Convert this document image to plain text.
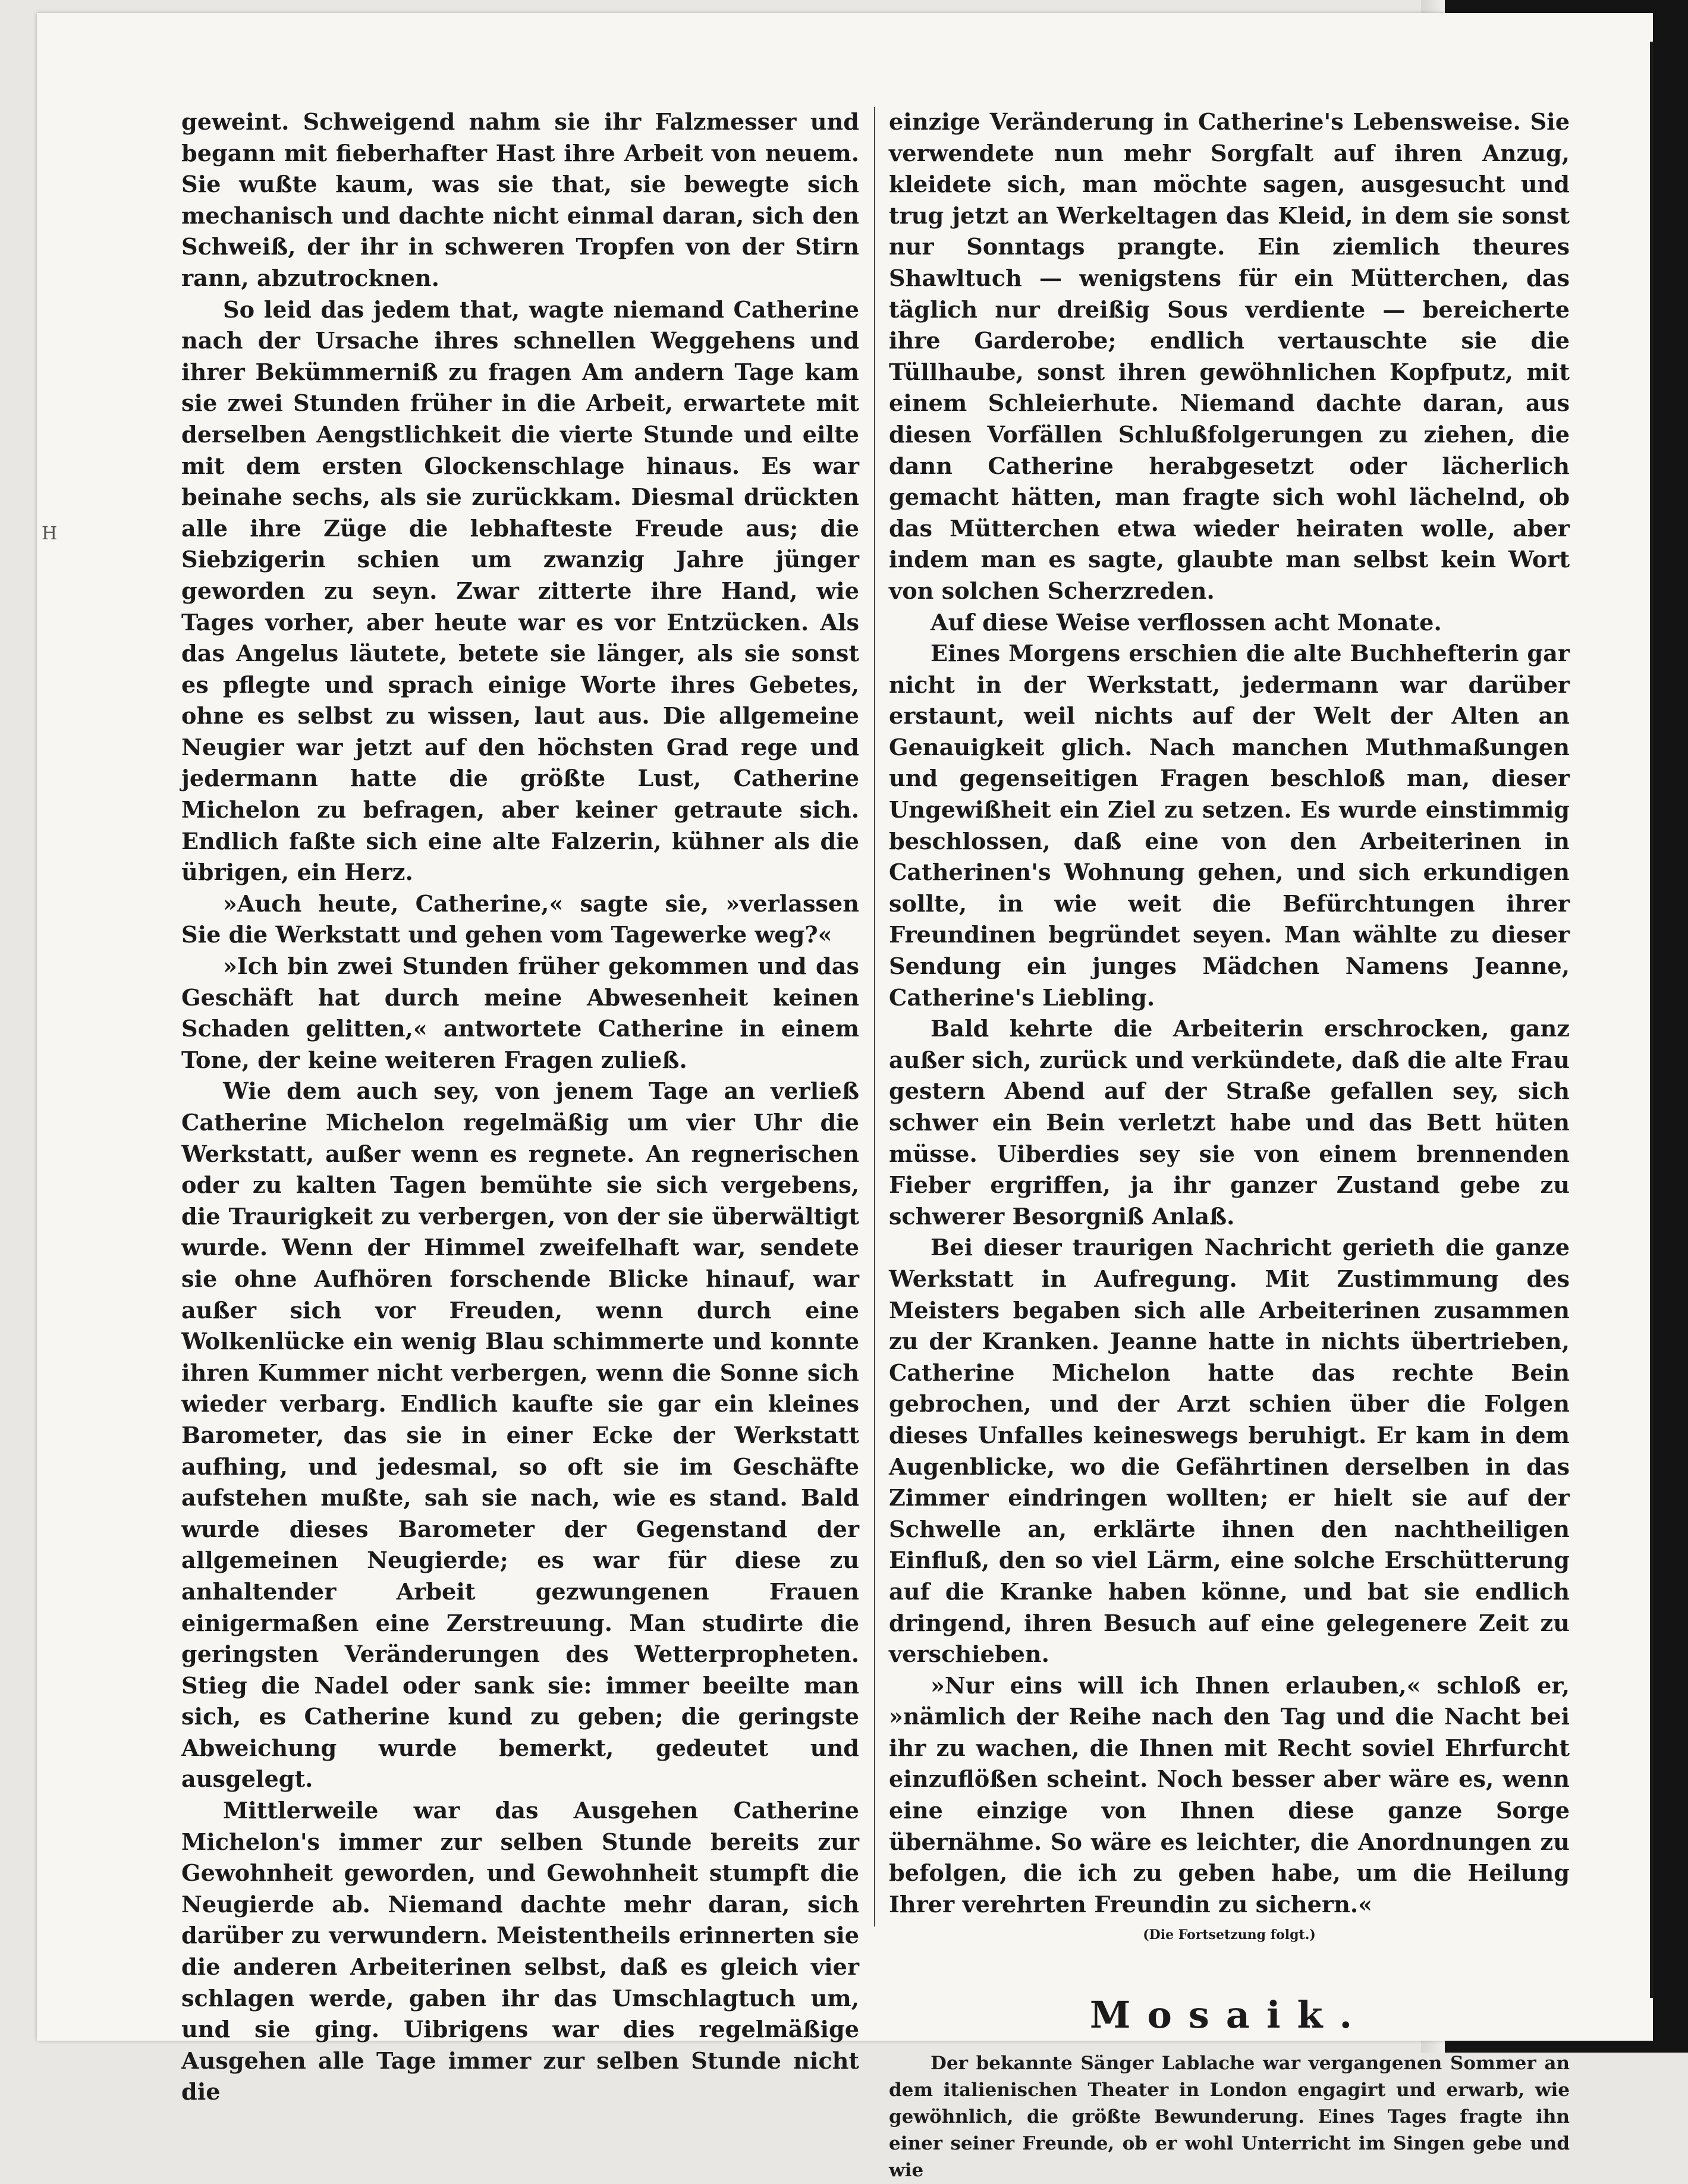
H

geweint. Schweigend nahm sie ihr Falzmesser und begann mit fieberhafter Hast ihre Arbeit von neuem. Sie wußte kaum, was sie that, sie bewegte sich mechanisch und dachte nicht einmal daran, sich den Schweiß, der ihr in schweren Tropfen von der Stirn rann, abzutrocknen.

So leid das jedem that, wagte niemand Catherine nach der Ursache ihres schnellen Weggehens und ihrer Bekümmerniß zu fragen Am andern Tage kam sie zwei Stunden früher in die Arbeit, erwartete mit derselben Aengstlichkeit die vierte Stunde und eilte mit dem ersten Glockenschlage hinaus. Es war beinahe sechs, als sie zurückkam. Diesmal drückten alle ihre Züge die lebhafteste Freude aus; die Siebzigerin schien um zwanzig Jahre jünger geworden zu seyn. Zwar zitterte ihre Hand, wie Tages vorher, aber heute war es vor Entzücken. Als das Angelus läutete, betete sie länger, als sie sonst es pflegte und sprach einige Worte ihres Gebetes, ohne es selbst zu wissen, laut aus. Die allgemeine Neugier war jetzt auf den höchsten Grad rege und jedermann hatte die größte Lust, Catherine Michelon zu befragen, aber keiner getraute sich. Endlich faßte sich eine alte Falzerin, kühner als die übrigen, ein Herz.

»Auch heute, Catherine,« sagte sie, »verlassen Sie die Werkstatt und gehen vom Tagewerke weg?«

»Ich bin zwei Stunden früher gekommen und das Geschäft hat durch meine Abwesenheit keinen Schaden gelitten,« antwortete Catherine in einem Tone, der keine weiteren Fragen zuließ.

Wie dem auch sey, von jenem Tage an verließ Catherine Michelon regelmäßig um vier Uhr die Werkstatt, außer wenn es regnete. An regnerischen oder zu kalten Tagen bemühte sie sich vergebens, die Traurigkeit zu verbergen, von der sie überwältigt wurde. Wenn der Himmel zweifelhaft war, sendete sie ohne Aufhören forschende Blicke hinauf, war außer sich vor Freuden, wenn durch eine Wolkenlücke ein wenig Blau schimmerte und konnte ihren Kummer nicht verbergen, wenn die Sonne sich wieder verbarg. Endlich kaufte sie gar ein kleines Barometer, das sie in einer Ecke der Werkstatt aufhing, und jedesmal, so oft sie im Geschäfte aufstehen mußte, sah sie nach, wie es stand. Bald wurde dieses Barometer der Gegenstand der allgemeinen Neugierde; es war für diese zu anhaltender Arbeit gezwungenen Frauen einigermaßen eine Zerstreuung. Man studirte die geringsten Veränderungen des Wetterpropheten. Stieg die Nadel oder sank sie: immer beeilte man sich, es Catherine kund zu geben; die geringste Abweichung wurde bemerkt, gedeutet und ausgelegt.

Mittlerweile war das Ausgehen Catherine Michelon's immer zur selben Stunde bereits zur Gewohnheit geworden, und Gewohnheit stumpft die Neugierde ab. Niemand dachte mehr daran, sich darüber zu verwundern. Meistentheils erinnerten sie die anderen Arbeiterinen selbst, daß es gleich vier schlagen werde, gaben ihr das Umschlagtuch um, und sie ging. Uibrigens war dies regelmäßige Ausgehen alle Tage immer zur selben Stunde nicht die

einzige Veränderung in Catherine's Lebensweise. Sie verwendete nun mehr Sorgfalt auf ihren Anzug, kleidete sich, man möchte sagen, ausgesucht und trug jetzt an Werkeltagen das Kleid, in dem sie sonst nur Sonntags prangte. Ein ziemlich theures Shawltuch — wenigstens für ein Mütterchen, das täglich nur dreißig Sous verdiente — bereicherte ihre Garderobe; endlich vertauschte sie die Tüllhaube, sonst ihren gewöhnlichen Kopfputz, mit einem Schleierhute. Niemand dachte daran, aus diesen Vorfällen Schlußfolgerungen zu ziehen, die dann Catherine herabgesetzt oder lächerlich gemacht hätten, man fragte sich wohl lächelnd, ob das Mütterchen etwa wieder heiraten wolle, aber indem man es sagte, glaubte man selbst kein Wort von solchen Scherzreden.

Auf diese Weise verflossen acht Monate.

Eines Morgens erschien die alte Buchhefterin gar nicht in der Werkstatt, jedermann war darüber erstaunt, weil nichts auf der Welt der Alten an Genauigkeit glich. Nach manchen Muthmaßungen und gegenseitigen Fragen beschloß man, dieser Ungewißheit ein Ziel zu setzen. Es wurde einstimmig beschlossen, daß eine von den Arbeiterinen in Catherinen's Wohnung gehen, und sich erkundigen sollte, in wie weit die Befürchtungen ihrer Freundinen begründet seyen. Man wählte zu dieser Sendung ein junges Mädchen Namens Jeanne, Catherine's Liebling.

Bald kehrte die Arbeiterin erschrocken, ganz außer sich, zurück und verkündete, daß die alte Frau gestern Abend auf der Straße gefallen sey, sich schwer ein Bein verletzt habe und das Bett hüten müsse. Uiberdies sey sie von einem brennenden Fieber ergriffen, ja ihr ganzer Zustand gebe zu schwerer Besorgniß Anlaß.

Bei dieser traurigen Nachricht gerieth die ganze Werkstatt in Aufregung. Mit Zustimmung des Meisters begaben sich alle Arbeiterinen zusammen zu der Kranken. Jeanne hatte in nichts übertrieben, Catherine Michelon hatte das rechte Bein gebrochen, und der Arzt schien über die Folgen dieses Unfalles keineswegs beruhigt. Er kam in dem Augenblicke, wo die Gefährtinen derselben in das Zimmer eindringen wollten; er hielt sie auf der Schwelle an, erklärte ihnen den nachtheiligen Einfluß, den so viel Lärm, eine solche Erschütterung auf die Kranke haben könne, und bat sie endlich dringend, ihren Besuch auf eine gelegenere Zeit zu verschieben.

»Nur eins will ich Ihnen erlauben,« schloß er, »nämlich der Reihe nach den Tag und die Nacht bei ihr zu wachen, die Ihnen mit Recht soviel Ehrfurcht einzuflößen scheint. Noch besser aber wäre es, wenn eine einzige von Ihnen diese ganze Sorge übernähme. So wäre es leichter, die Anordnungen zu befolgen, die ich zu geben habe, um die Heilung Ihrer verehrten Freundin zu sichern.«

(Die Fortsetzung folgt.)

Mosaik.

Der bekannte Sänger Lablache war vergangenen Sommer an dem italienischen Theater in London engagirt und erwarb, wie gewöhnlich, die größte Bewunderung. Eines Tages fragte ihn einer seiner Freunde, ob er wohl Unterricht im Singen gebe und wie
